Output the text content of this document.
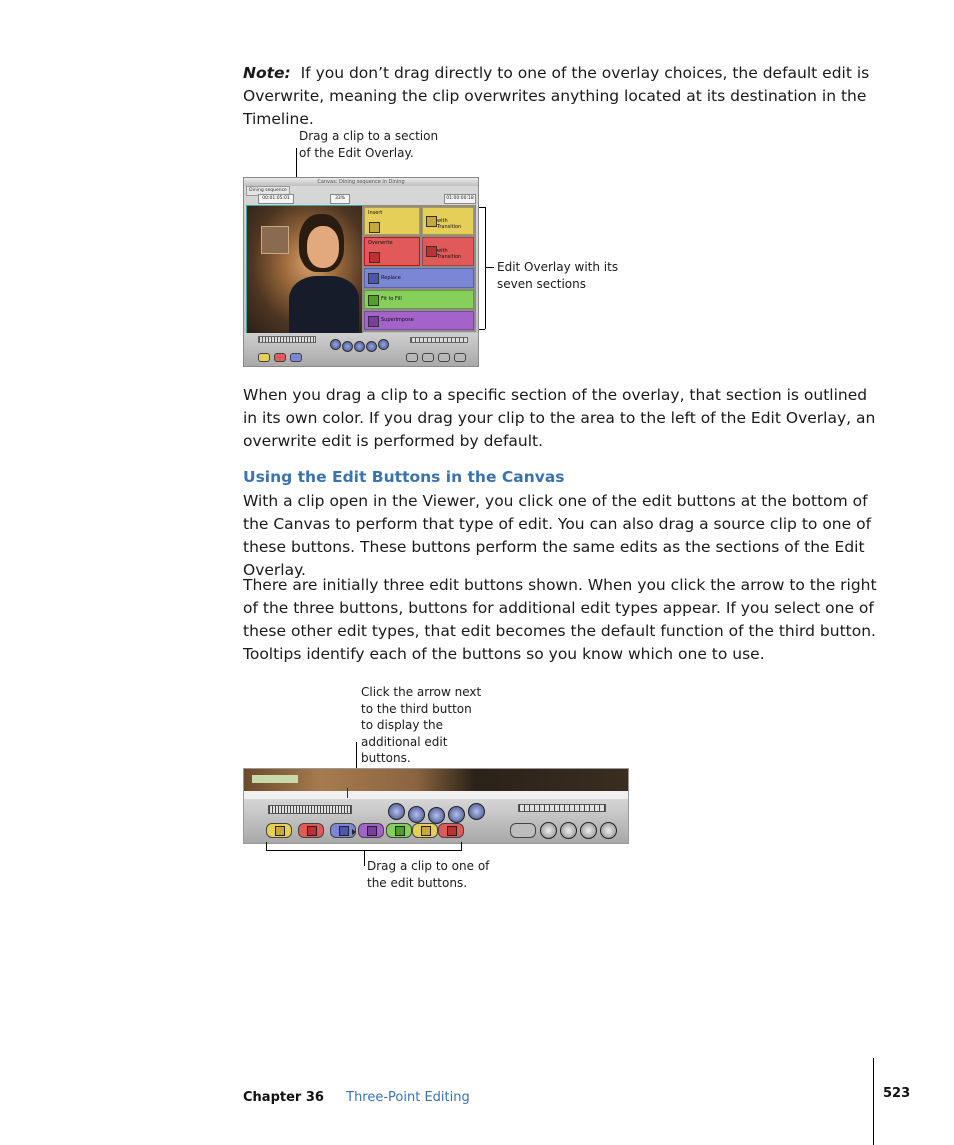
Note: If you don’t drag directly to one of the overlay choices, the default edit is Overwrite, meaning the clip overwrites anything located at its destination in the Timeline.
Drag a clip to a section of the Edit Overlay.
Edit Overlay with its seven sections
Canvas: Dining sequence in Dining
Dining sequence
00:01:05:01	33%	01:00:00:18
Insert
with Transition
Overwrite
with Transition
Replace
Fit to Fill
Superimpose
When you drag a clip to a specific section of the overlay, that section is outlined in its own color. If you drag your clip to the area to the left of the Edit Overlay, an overwrite edit is performed by default.
Using the Edit Buttons in the Canvas
With a clip open in the Viewer, you click one of the edit buttons at the bottom of the Canvas to perform that type of edit. You can also drag a source clip to one of these buttons. These buttons perform the same edits as the sections of the Edit Overlay.
There are initially three edit buttons shown. When you click the arrow to the right of the three buttons, buttons for additional edit types appear. If you select one of these other edit types, that edit becomes the default function of the third button. Tooltips identify each of the buttons so you know which one to use.
Click the arrow next to the third button to display the additional edit buttons.
Drag a clip to one of the edit buttons.
Chapter 36 Three-Point Editing	523
